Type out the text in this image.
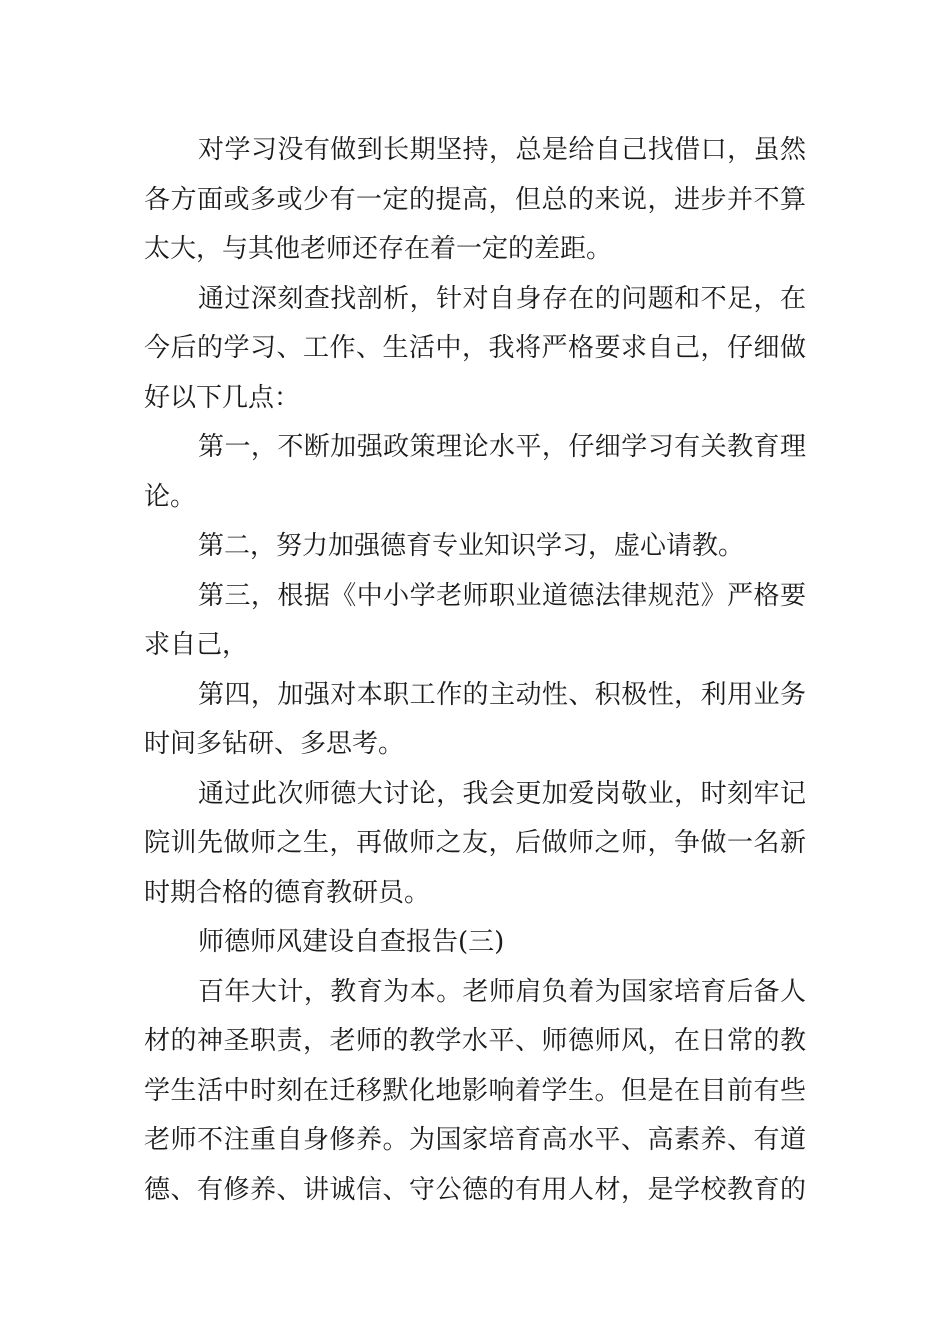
对学习没有做到长期坚持，总是给自己找借口，虽然
各方面或多或少有一定的提高，但总的来说，进步并不算
太大，与其他老师还存在着一定的差距。
通过深刻查找剖析，针对自身存在的问题和不足，在
今后的学习、工作、生活中，我将严格要求自己，仔细做
好以下几点：
第一，不断加强政策理论水平，仔细学习有关教育理
论。
第二，努力加强德育专业知识学习，虚心请教。
第三，根据《中小学老师职业道德法律规范》严格要
求自己，
第四，加强对本职工作的主动性、积极性，利用业务
时间多钻研、多思考。
通过此次师德大讨论，我会更加爱岗敬业，时刻牢记
院训先做师之生，再做师之友，后做师之师，争做一名新
时期合格的德育教研员。
师德师风建设自查报告(三)
百年大计，教育为本。老师肩负着为国家培育后备人
材的神圣职责，老师的教学水平、师德师风，在日常的教
学生活中时刻在迁移默化地影响着学生。但是在目前有些
老师不注重自身修养。为国家培育高水平、高素养、有道
德、有修养、讲诚信、守公德的有用人材，是学校教育的
